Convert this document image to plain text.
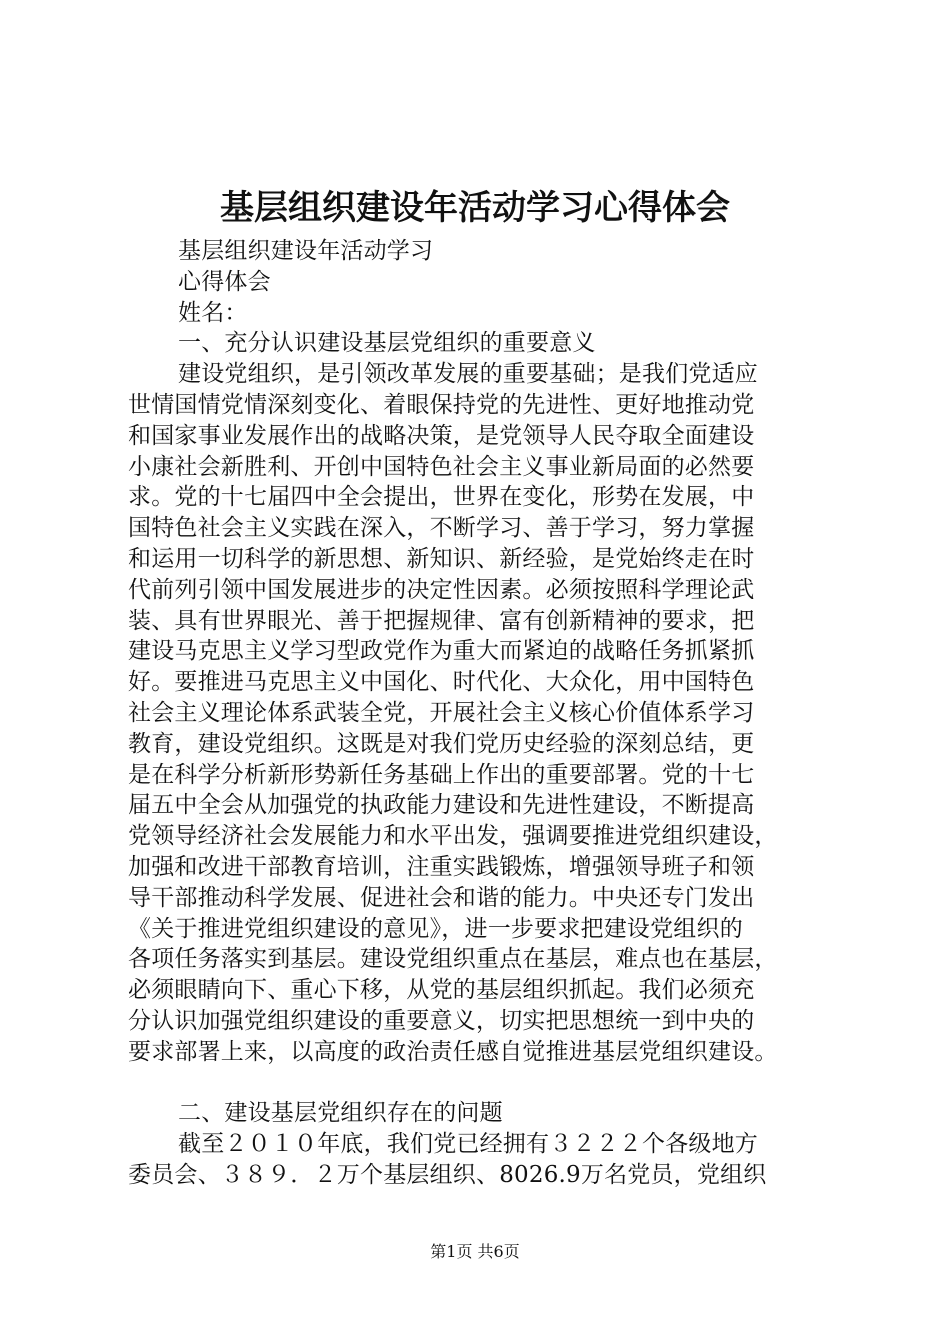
基层组织建设年活动学习心得体会
基层组织建设年活动学习
心得体会
姓名：
一、充分认识建设基层党组织的重要意义
建设党组织，是引领改革发展的重要基础；是我们党适应
世情国情党情深刻变化、着眼保持党的先进性、更好地推动党
和国家事业发展作出的战略决策，是党领导人民夺取全面建设
小康社会新胜利、开创中国特色社会主义事业新局面的必然要
求。党的十七届四中全会提出，世界在变化，形势在发展，中
国特色社会主义实践在深入，不断学习、善于学习，努力掌握
和运用一切科学的新思想、新知识、新经验，是党始终走在时
代前列引领中国发展进步的决定性因素。必须按照科学理论武
装、具有世界眼光、善于把握规律、富有创新精神的要求，把
建设马克思主义学习型政党作为重大而紧迫的战略任务抓紧抓
好。要推进马克思主义中国化、时代化、大众化，用中国特色
社会主义理论体系武装全党，开展社会主义核心价值体系学习
教育，建设党组织。这既是对我们党历史经验的深刻总结，更
是在科学分析新形势新任务基础上作出的重要部署。党的十七
届五中全会从加强党的执政能力建设和先进性建设，不断提高
党领导经济社会发展能力和水平出发，强调要推进党组织建设，
加强和改进干部教育培训，注重实践锻炼，增强领导班子和领
导干部推动科学发展、促进社会和谐的能力。中央还专门发出
《关于推进党组织建设的意见》，进一步要求把建设党组织的
各项任务落实到基层。建设党组织重点在基层，难点也在基层，
必须眼睛向下、重心下移，从党的基层组织抓起。我们必须充
分认识加强党组织建设的重要意义，切实把思想统一到中央的
要求部署上来，以高度的政治责任感自觉推进基层党组织建设。
二、建设基层党组织存在的问题
截至２０１０年底，我们党已经拥有３２２２个各级地方
委员会、３８９．２万个基层组织、8026.9万名党员，党组织
第1页 共6页
